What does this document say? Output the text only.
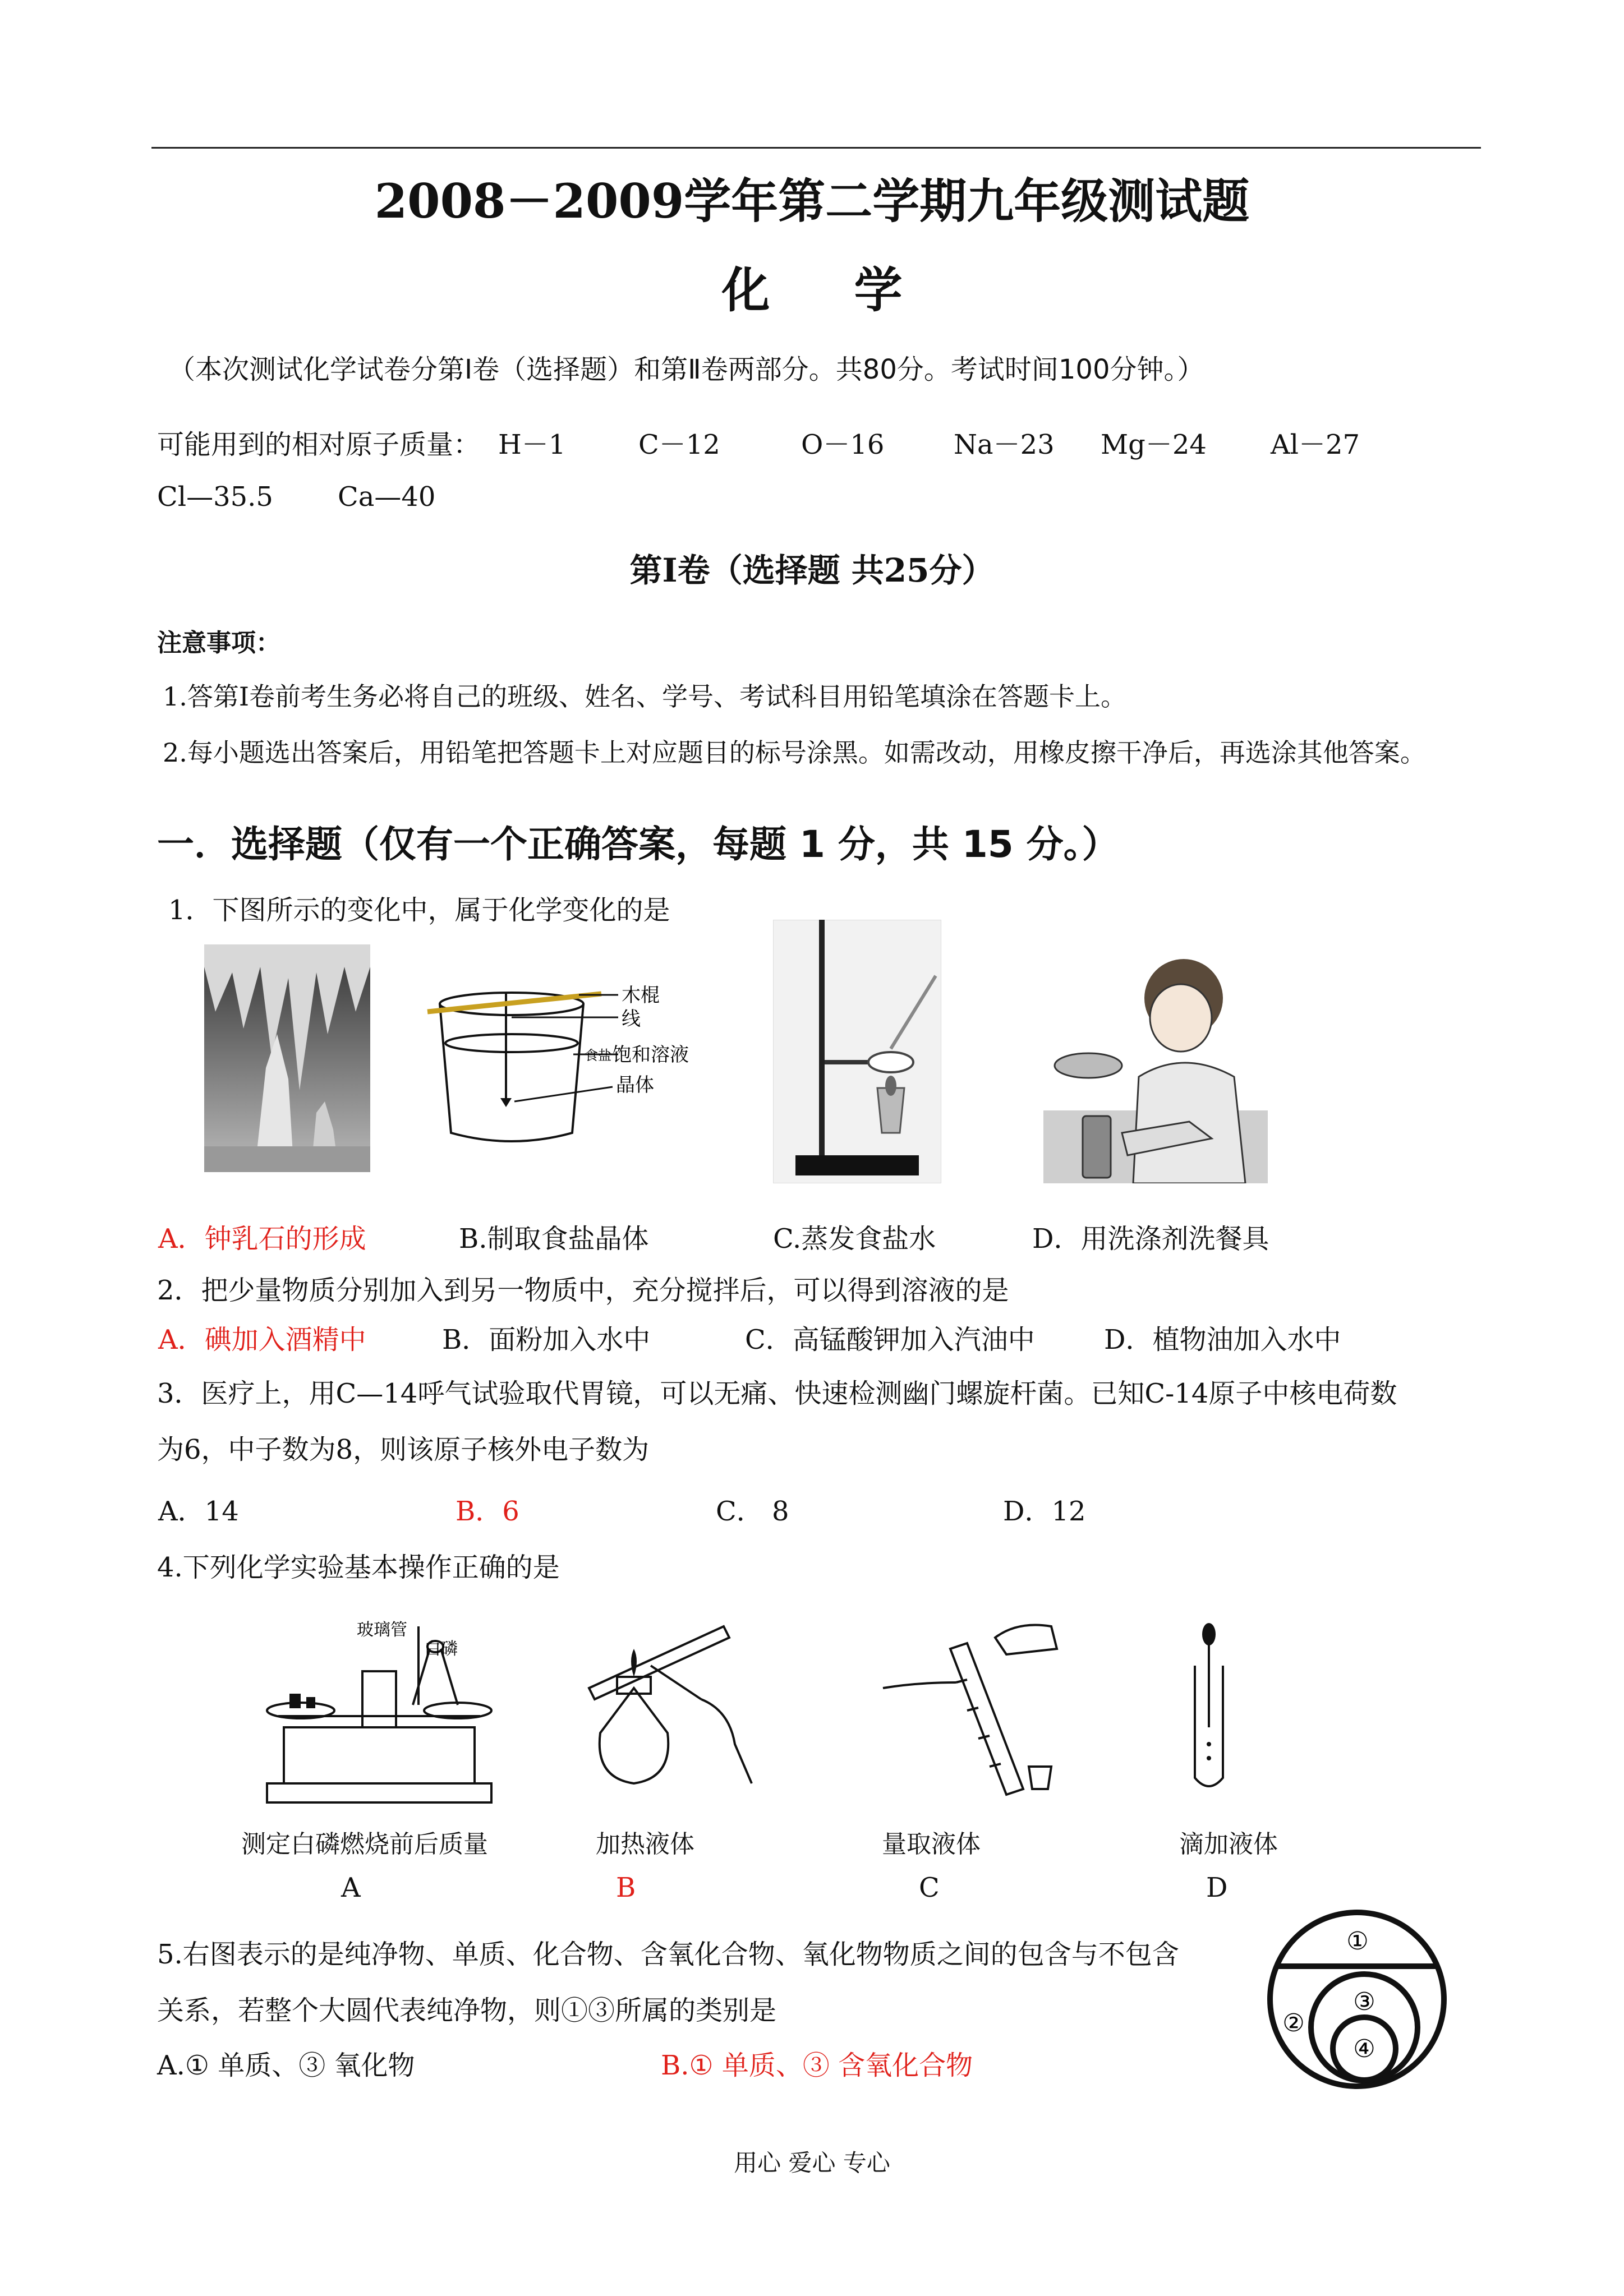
2008－2009学年第二学期九年级测试题
化学
（本次测试化学试卷分第Ⅰ卷（选择题）和第Ⅱ卷两部分。共80分。考试时间100分钟。）
可能用到的相对原子质量： H－1	C－12	O－16	Na－23 Mg－24 Al－27
Cl—35.5 Ca—40
第Ⅰ卷（选择题 共25分）
注意事项：
1.答第Ⅰ卷前考生务必将自己的班级、姓名、学号、考试科目用铅笔填涂在答题卡上。
2.每小题选出答案后，用铅笔把答题卡上对应题目的标号涂黑。如需改动，用橡皮擦干净后，再选涂其他答案。
一．选择题（仅有一个正确答案，每题 1 分，共 15 分。）
1．下图所示的变化中，属于化学变化的是
木棍
线
食盐 饱和溶液
晶体
A．钟乳石的形成	B.制取食盐晶体	C.蒸发食盐水	D．用洗涤剂洗餐具
2．把少量物质分别加入到另一物质中，充分搅拌后，可以得到溶液的是
A．碘加入酒精中	B．面粉加入水中	C．高锰酸钾加入汽油中	D．植物油加入水中
3．医疗上，用C—14呼气试验取代胃镜，可以无痛、快速检测幽门螺旋杆菌。已知C-14原子中核电荷数
为6，中子数为8，则该原子核外电子数为
A．14	B．6	C． 8	D．12
4.下列化学实验基本操作正确的是
玻璃管
白磷
测定白磷燃烧前后质量	加热液体	量取液体	滴加液体
A	B	C	D
5.右图表示的是纯净物、单质、化合物、含氧化合物、氧化物物质之间的包含与不包含
关系，若整个大圆代表纯净物，则①③所属的类别是
A.① 单质、③ 氧化物	B.① 单质、③ 含氧化合物
①
②
③
④
用心 爱心 专心
